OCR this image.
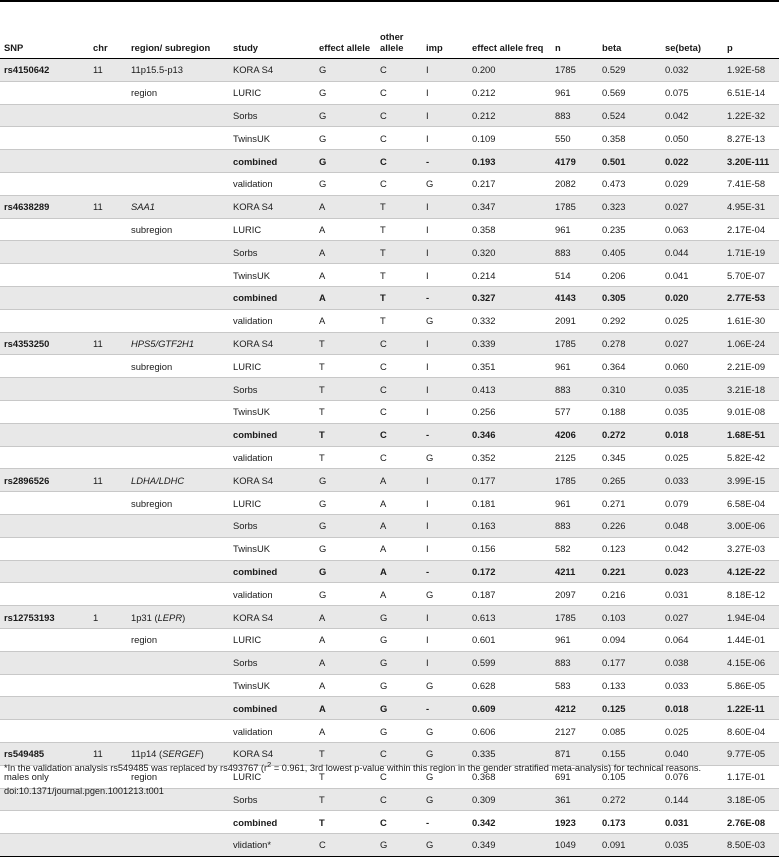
SNP	chr	region/ subregion	study	effect allele	other allele	imp	effect allele freq	n	beta	se(beta)	p
rs4150642	11	11p15.5-p13	KORA S4	G	C	I	0.200	1785	0.529	0.032	1.92E-58
		region	LURIC	G	C	I	0.212	961	0.569	0.075	6.51E-14
			Sorbs	G	C	I	0.212	883	0.524	0.042	1.22E-32
			TwinsUK	G	C	I	0.109	550	0.358	0.050	8.27E-13
			combined	G	C	-	0.193	4179	0.501	0.022	3.20E-111
			validation	G	C	G	0.217	2082	0.473	0.029	7.41E-58
rs4638289	11	SAA1	KORA S4	A	T	I	0.347	1785	0.323	0.027	4.95E-31
		subregion	LURIC	A	T	I	0.358	961	0.235	0.063	2.17E-04
			Sorbs	A	T	I	0.320	883	0.405	0.044	1.71E-19
			TwinsUK	A	T	I	0.214	514	0.206	0.041	5.70E-07
			combined	A	T	-	0.327	4143	0.305	0.020	2.77E-53
			validation	A	T	G	0.332	2091	0.292	0.025	1.61E-30
rs4353250	11	HPS5/GTF2H1	KORA S4	T	C	I	0.339	1785	0.278	0.027	1.06E-24
		subregion	LURIC	T	C	I	0.351	961	0.364	0.060	2.21E-09
			Sorbs	T	C	I	0.413	883	0.310	0.035	3.21E-18
			TwinsUK	T	C	I	0.256	577	0.188	0.035	9.01E-08
			combined	T	C	-	0.346	4206	0.272	0.018	1.68E-51
			validation	T	C	G	0.352	2125	0.345	0.025	5.82E-42
rs2896526	11	LDHA/LDHC	KORA S4	G	A	I	0.177	1785	0.265	0.033	3.99E-15
		subregion	LURIC	G	A	I	0.181	961	0.271	0.079	6.58E-04
			Sorbs	G	A	I	0.163	883	0.226	0.048	3.00E-06
			TwinsUK	G	A	I	0.156	582	0.123	0.042	3.27E-03
			combined	G	A	-	0.172	4211	0.221	0.023	4.12E-22
			validation	G	A	G	0.187	2097	0.216	0.031	8.18E-12
rs12753193	1	1p31 (LEPR)	KORA S4	A	G	I	0.613	1785	0.103	0.027	1.94E-04
		region	LURIC	A	G	I	0.601	961	0.094	0.064	1.44E-01
			Sorbs	A	G	I	0.599	883	0.177	0.038	4.15E-06
			TwinsUK	A	G	G	0.628	583	0.133	0.033	5.86E-05
			combined	A	G	-	0.609	4212	0.125	0.018	1.22E-11
			validation	A	G	G	0.606	2127	0.085	0.025	8.60E-04
rs549485	11	11p14 (SERGEF)	KORA S4	T	C	G	0.335	871	0.155	0.040	9.77E-05
males only		region	LURIC	T	C	G	0.368	691	0.105	0.076	1.17E-01
			Sorbs	T	C	G	0.309	361	0.272	0.144	3.18E-05
			combined	T	C	-	0.342	1923	0.173	0.031	2.76E-08
			vlidation*	C	G	G	0.349	1049	0.091	0.035	8.50E-03
*In the validation analysis rs549485 was replaced by rs493767 ($r^2 = 0.961$, 3rd lowest p-value within this region in the gender stratified meta-analysis) for technical reasons.
doi:10.1371/journal.pgen.1001213.t001
